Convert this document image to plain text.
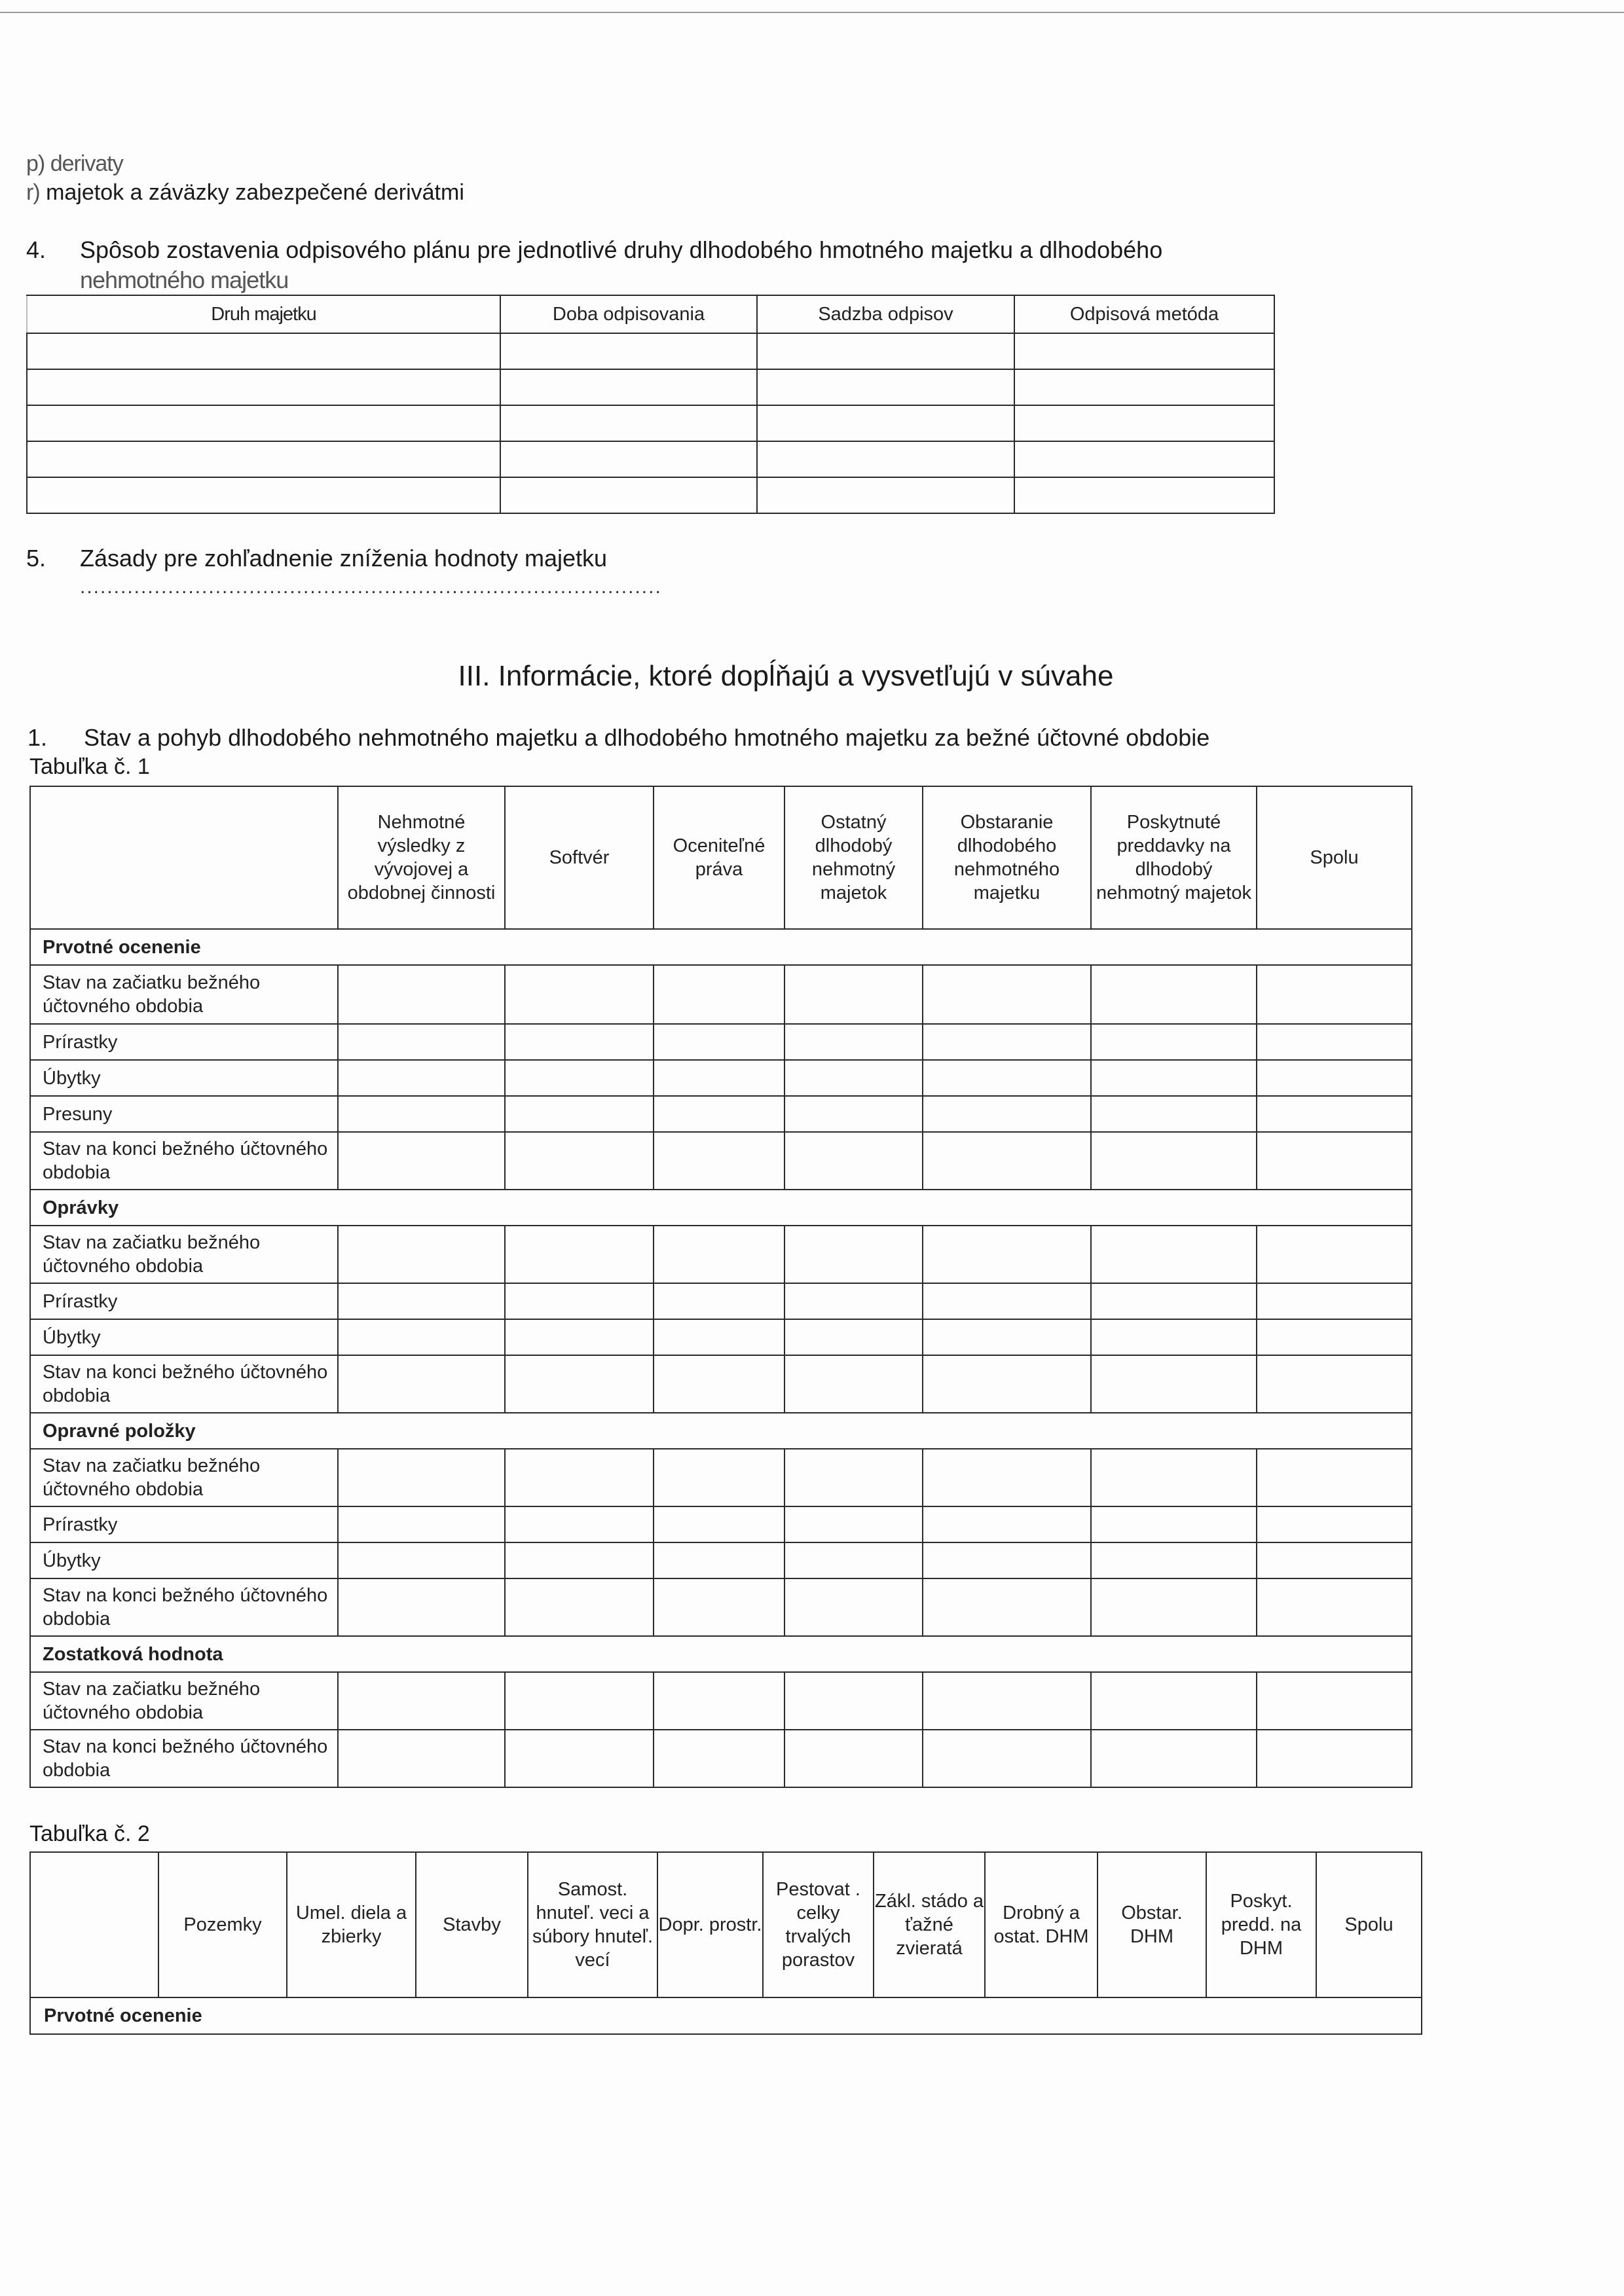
p) derivaty
r) majetok a záväzky zabezpečené derivátmi
4. Spôsob zostavenia odpisového plánu pre jednotlivé druhy dlhodobého hmotného majetku a dlhodobého
nehmotného majetku
Druh majetku	Doba odpisovania	Sadzba odpisov	Odpisová metóda

5. Zásady pre zohľadnenie zníženia hodnoty majetku
......................................................................................
III. Informácie, ktoré dopĺňajú a vysvetľujú v súvahe
1. Stav a pohyb dlhodobého nehmotného majetku a dlhodobého hmotného majetku za bežné účtovné obdobie
Tabuľka č. 1
	Nehmotné výsledky z vývojovej a obdobnej činnosti	Softvér	Oceniteľné práva	Ostatný dlhodobý nehmotný majetok	Obstaranie dlhodobého nehmotného majetku	Poskytnuté preddavky na dlhodobý nehmotný majetok	Spolu
Prvotné ocenenie							
Stav na začiatku bežného účtovného obdobia							
Prírastky							
Úbytky							
Presuny							
Stav na konci bežného účtovného obdobia							
Oprávky							
Stav na začiatku bežného účtovného obdobia							
Prírastky							
Úbytky							
Stav na konci bežného účtovného obdobia							
Opravné položky							
Stav na začiatku bežného účtovného obdobia							
Prírastky							
Úbytky							
Stav na konci bežného účtovného obdobia							
Zostatková hodnota							
Stav na začiatku bežného účtovného obdobia							
Stav na konci bežného účtovného obdobia							
Tabuľka č. 2
	Pozemky	Umel. diela a zbierky	Stavby	Samost. hnuteľ. veci a súbory hnuteľ. vecí	Dopr. prostr.	Pestovat . celky trvalých porastov	Zákl. stádo a ťažné zvieratá	Drobný a ostat. DHM	Obstar. DHM	Poskyt. predd. na DHM	Spolu
Prvotné ocenenie
